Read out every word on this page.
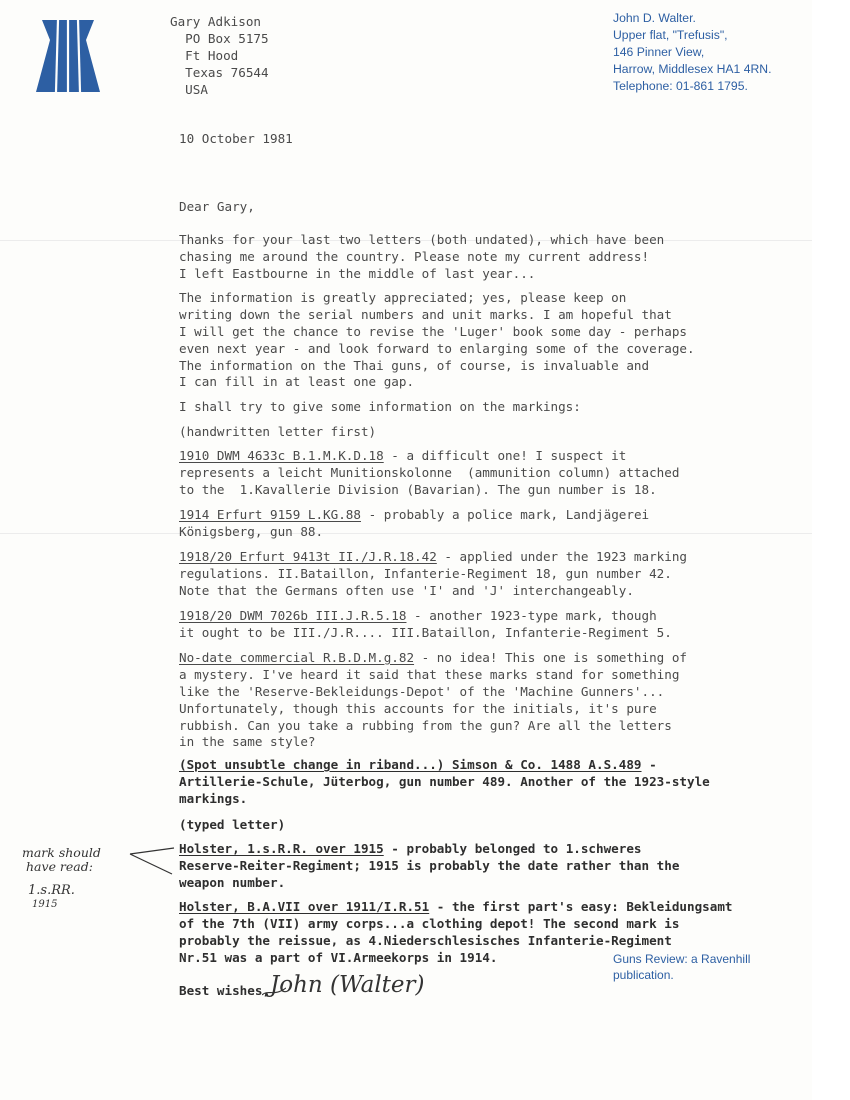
Gary Adkison
PO Box 5175
Ft Hood
Texas 76544
USA
John D. Walter.
Upper flat, "Trefusis",
146 Pinner View,
Harrow, Middlesex HA1 4RN.
Telephone: 01-861 1795.
10 October 1981
Dear Gary,
Thanks for your last two letters (both undated), which have been
chasing me around the country. Please note my current address!
I left Eastbourne in the middle of last year...
The information is greatly appreciated; yes, please keep on
writing down the serial numbers and unit marks. I am hopeful that
I will get the chance to revise the 'Luger' book some day - perhaps
even next year - and look forward to enlarging some of the coverage.
The information on the Thai guns, of course, is invaluable and
I can fill in at least one gap.
I shall try to give some information on the markings:
(handwritten letter first)
1910 DWM 4633c B.1.M.K.D.18 - a difficult one! I suspect it
represents a leicht Munitionskolonne  (ammunition column) attached
to the  1.Kavallerie Division (Bavarian). The gun number is 18.
1914 Erfurt 9159 L.KG.88 - probably a police mark, Landjägerei
Königsberg, gun 88.
1918/20 Erfurt 9413t II./J.R.18.42 - applied under the 1923 marking
regulations. II.Bataillon, Infanterie-Regiment 18, gun number 42.
Note that the Germans often use 'I' and 'J' interchangeably.
1918/20 DWM 7026b III.J.R.5.18 - another 1923-type mark, though
it ought to be III./J.R.... III.Bataillon, Infanterie-Regiment 5.
No-date commercial R.B.D.M.g.82 - no idea! This one is something of
a mystery. I've heard it said that these marks stand for something
like the 'Reserve-Bekleidungs-Depot' of the 'Machine Gunners'...
Unfortunately, though this accounts for the initials, it's pure
rubbish. Can you take a rubbing from the gun? Are all the letters
in the same style?
(Spot unsubtle change in riband...) Simson & Co. 1488 A.S.489 -
Artillerie-Schule, Jüterbog, gun number 489. Another of the 1923-style
markings.
(typed letter)
Holster, 1.s.R.R. over 1915 - probably belonged to 1.schweres
Reserve-Reiter-Regiment; 1915 is probably the date rather than the
weapon number.
Holster, B.A.VII over 1911/I.R.51 - the first part's easy: Bekleidungsamt
of the 7th (VII) army corps...a clothing depot! The second mark is
probably the reissue, as 4.Niederschlesisches Infanterie-Regiment
Nr.51 was a part of VI.Armeekorps in 1914.
Best wishes, John (Walter)
mark should
have read:
1.s.RR.
1915
Guns Review: a Ravenhill
publication.
